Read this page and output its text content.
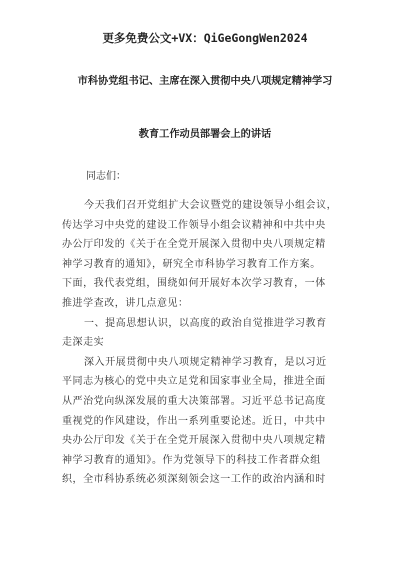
更多免费公文+VX：QiGeGongWen2024
市科协党组书记、主席在深入贯彻中央八项规定精神学习
教育工作动员部署会上的讲话
同志们：
今天我们召开党组扩大会议暨党的建设领导小组会议，
传达学习中央党的建设工作领导小组会议精神和中共中央
办公厅印发的《关于在全党开展深入贯彻中央八项规定精
神学习教育的通知》，研究全市科协学习教育工作方案。
下面，我代表党组，围绕如何开展好本次学习教育，一体
推进学查改，讲几点意见：
一、提高思想认识，以高度的政治自觉推进学习教育
走深走实
深入开展贯彻中央八项规定精神学习教育，是以习近
平同志为核心的党中央立足党和国家事业全局，推进全面
从严治党向纵深发展的重大决策部署。习近平总书记高度
重视党的作风建设，作出一系列重要论述。近日，中共中
央办公厅印发《关于在全党开展深入贯彻中央八项规定精
神学习教育的通知》。作为党领导下的科技工作者群众组
织，全市科协系统必须深刻领会这一工作的政治内涵和时
